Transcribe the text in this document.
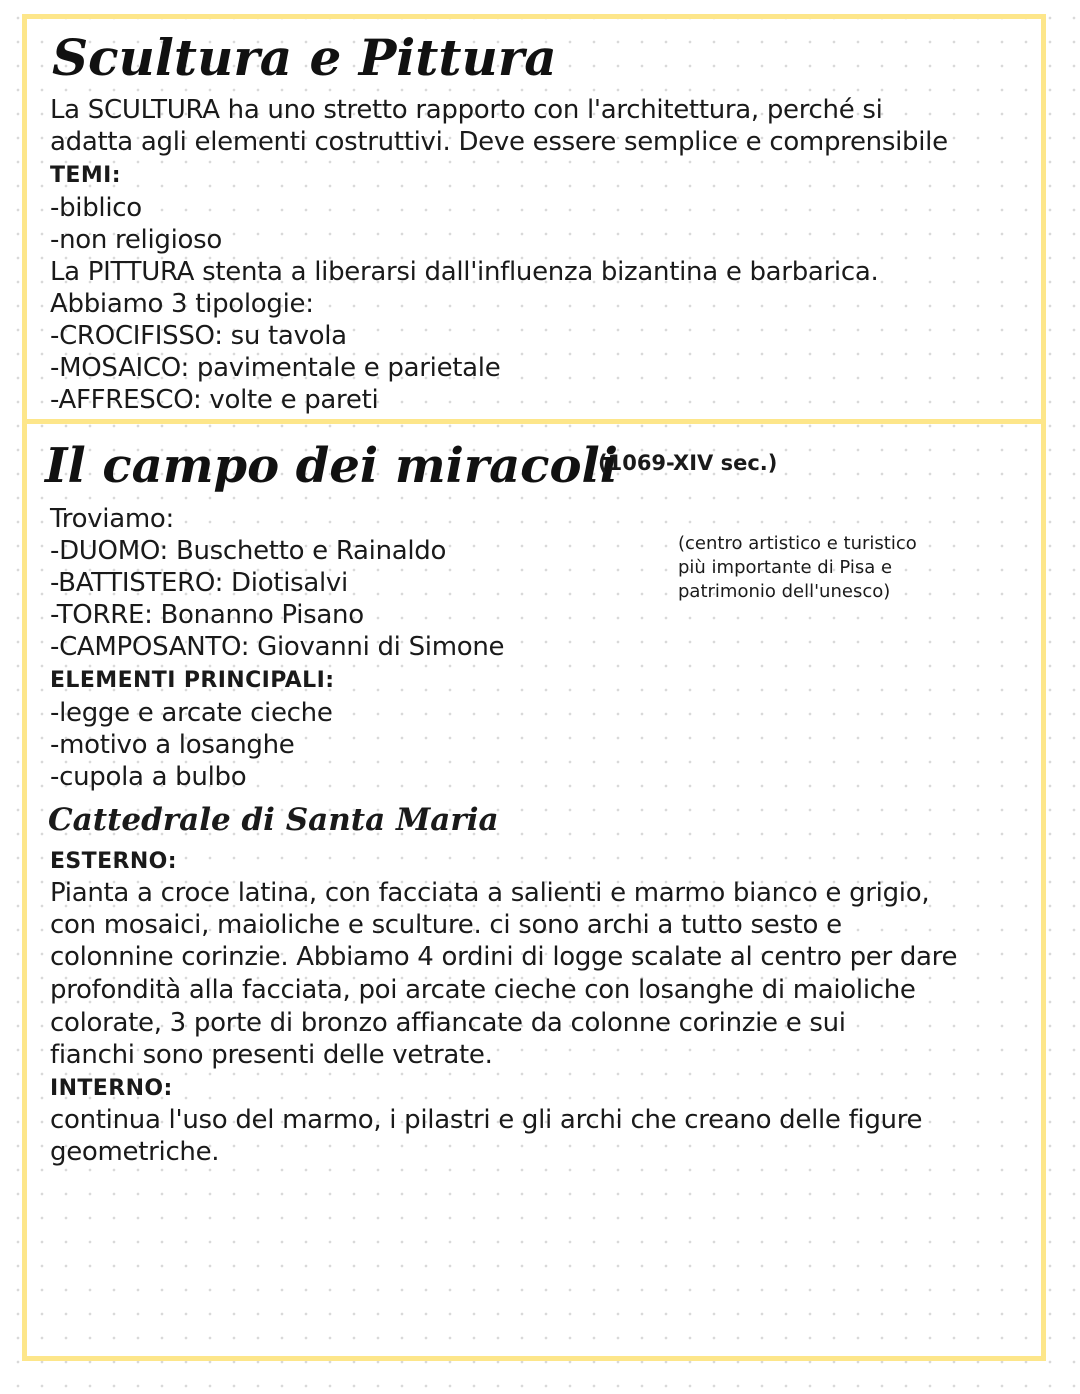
Scultura e Pittura
La SCULTURA ha uno stretto rapporto con l'architettura, perché si
adatta agli elementi costruttivi. Deve essere semplice e comprensibile
TEMI:
-biblico
-non religioso
La PITTURA stenta a liberarsi dall'influenza bizantina e barbarica.
Abbiamo 3 tipologie:
-CROCIFISSO: su tavola
-MOSAICO: pavimentale e parietale
-AFFRESCO: volte e pareti
Il campo dei miracoli
(1069-XIV sec.)
(centro artistico e turistico
più importante di Pisa e
patrimonio dell'unesco)
Troviamo:
-DUOMO: Buschetto e Rainaldo
-BATTISTERO: Diotisalvi
-TORRE: Bonanno Pisano
-CAMPOSANTO: Giovanni di Simone
ELEMENTI PRINCIPALI:
-legge e arcate cieche
-motivo a losanghe
-cupola a bulbo
Cattedrale di Santa Maria
ESTERNO:
Pianta a croce latina, con facciata a salienti e marmo bianco e grigio,
con mosaici, maioliche e sculture. ci sono archi a tutto sesto e
colonnine corinzie. Abbiamo 4 ordini di logge scalate al centro per dare
profondità alla facciata, poi arcate cieche con losanghe di maioliche
colorate, 3 porte di bronzo affiancate da colonne corinzie e sui
fianchi sono presenti delle vetrate.
INTERNO:
continua l'uso del marmo, i pilastri e gli archi che creano delle figure
geometriche.
